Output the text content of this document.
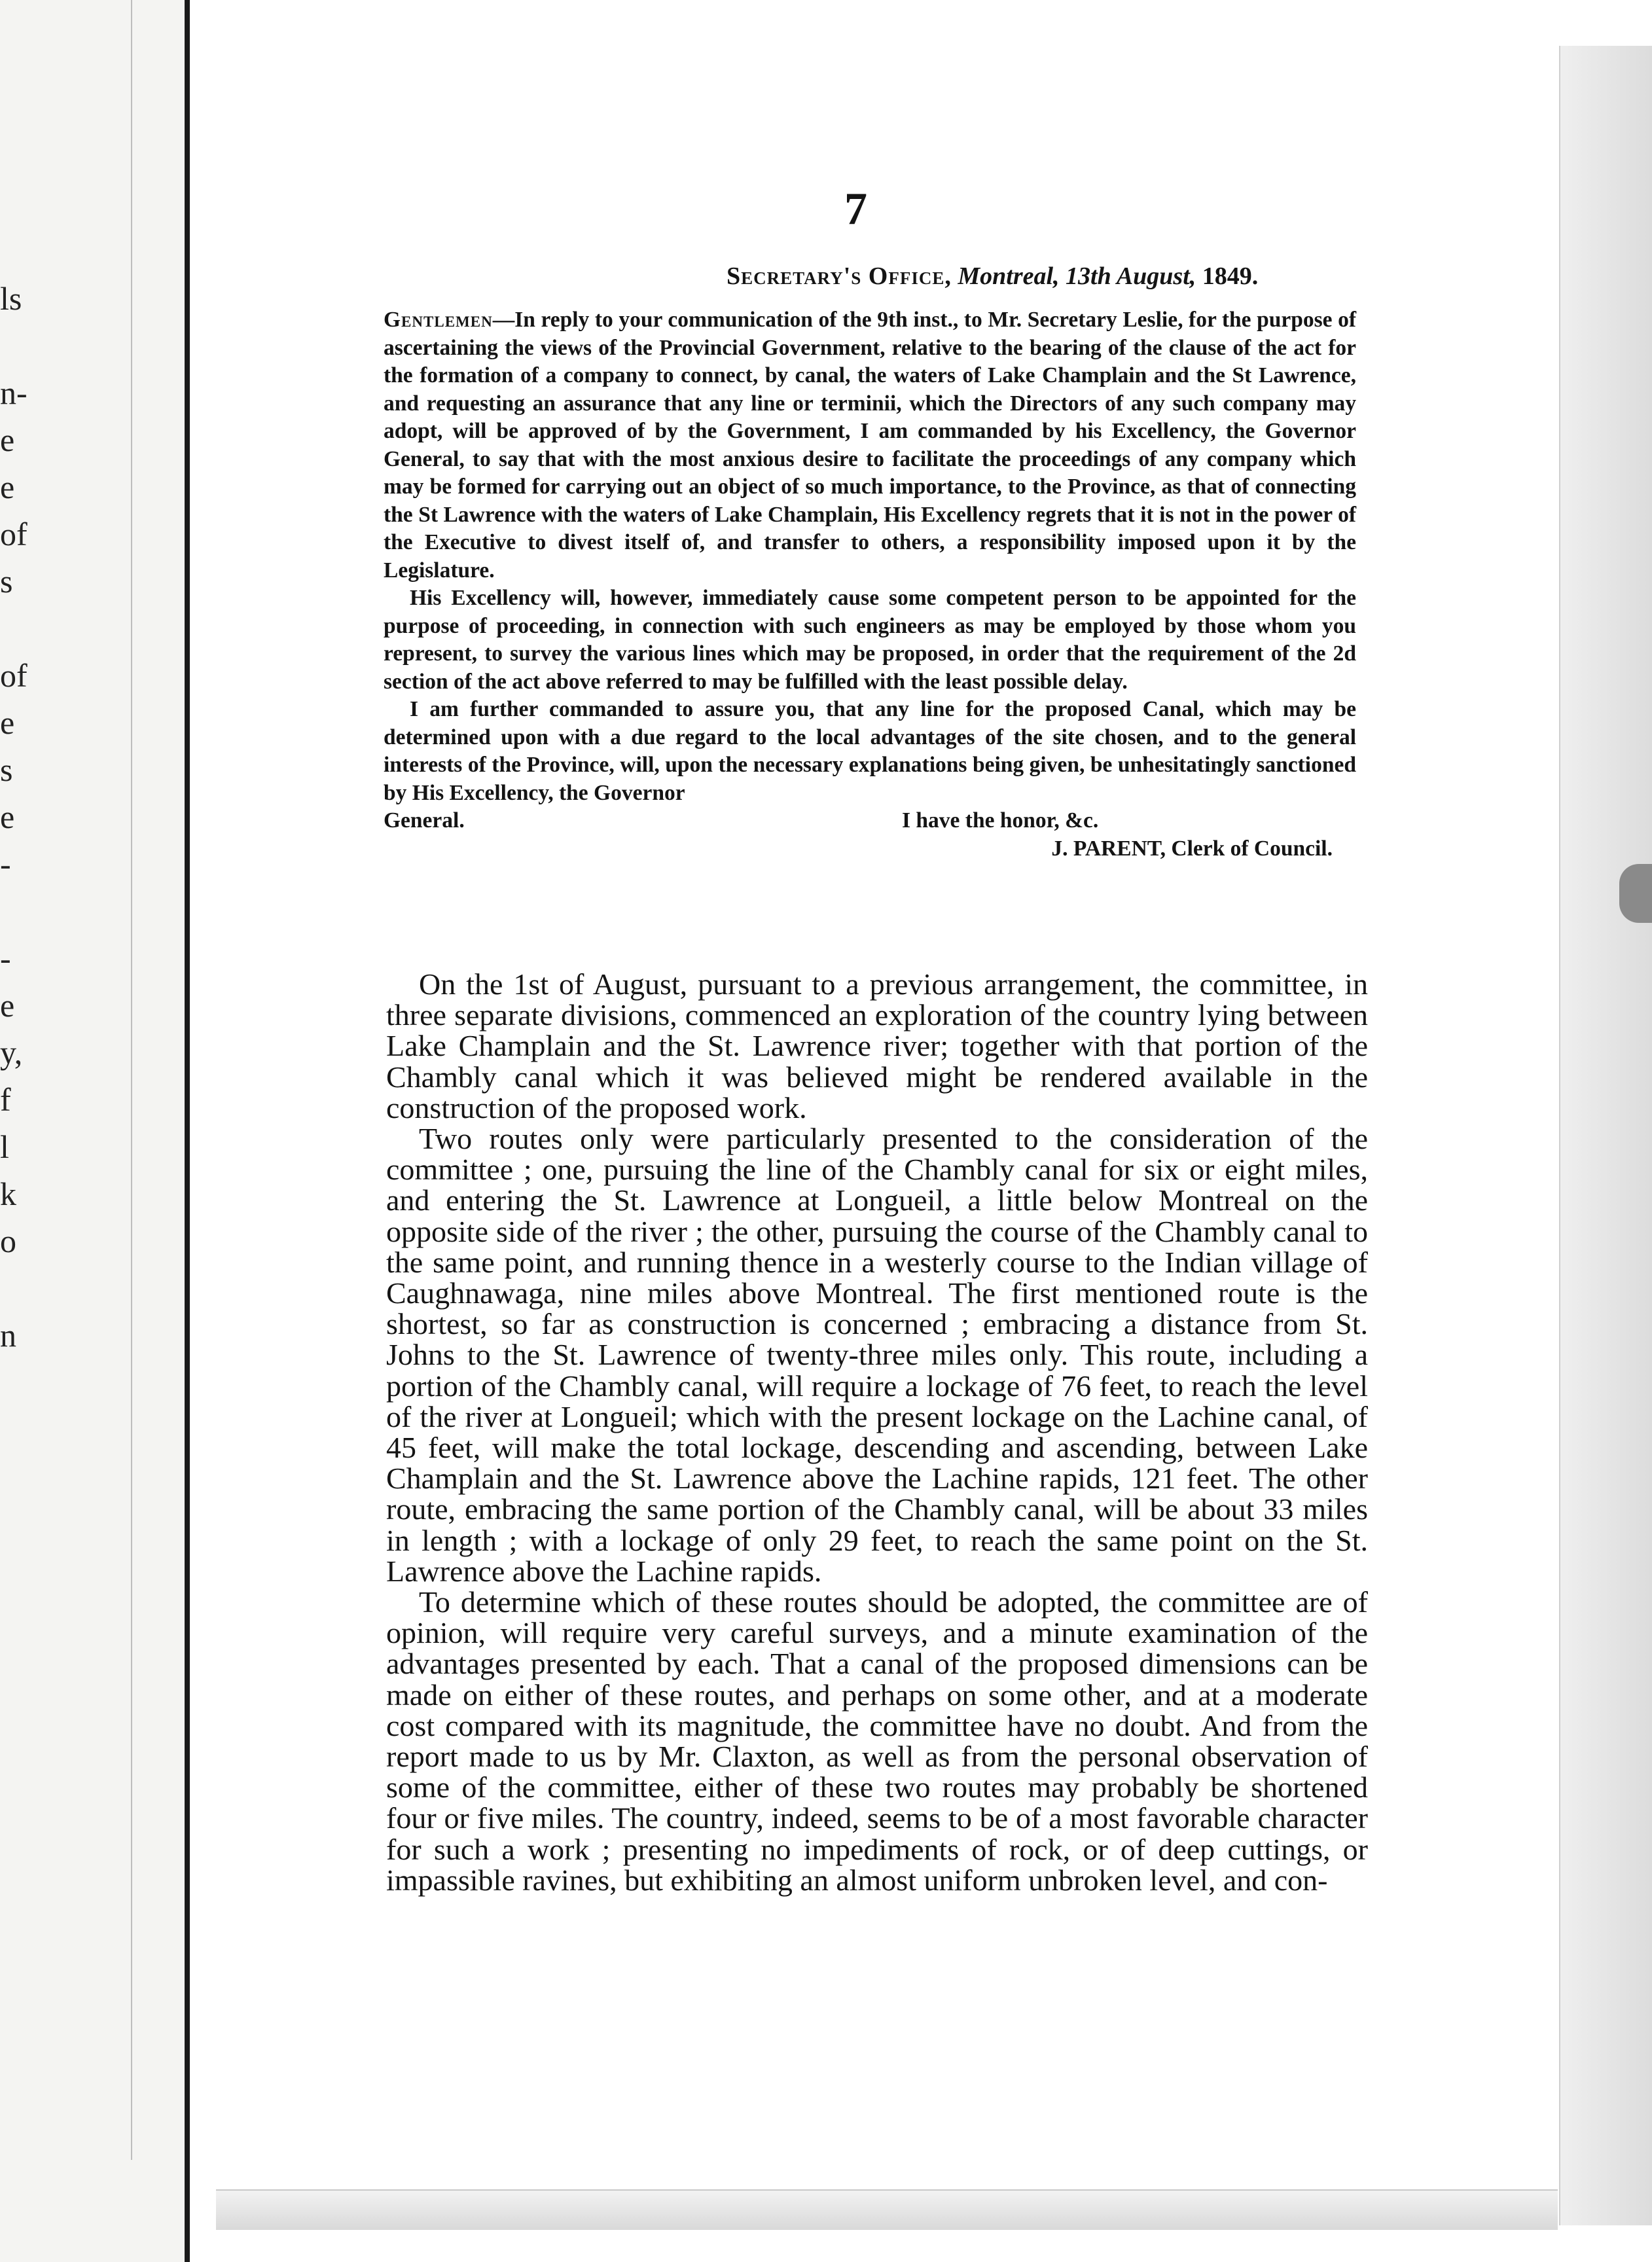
ls
n-
e
e
of
s
of
e
s
e
-
-
e
y,
f
l
k
o
n

7

Secretary's Office, Montreal, 13th August, 1849.

Gentlemen—In reply to your communication of the 9th inst., to Mr. Secretary Leslie, for the purpose of ascertaining the views of the Provincial Government, relative to the bearing of the clause of the act for the formation of a company to connect, by canal, the waters of Lake Champlain and the St Lawrence, and requesting an assurance that any line or terminii, which the Directors of any such company may adopt, will be approved of by the Government, I am commanded by his Excellency, the Governor General, to say that with the most anxious desire to facilitate the proceedings of any company which may be formed for carrying out an object of so much importance, to the Province, as that of connecting the St Lawrence with the waters of Lake Champlain, His Excellency regrets that it is not in the power of the Executive to divest itself of, and transfer to others, a responsibility imposed upon it by the Legislature.

His Excellency will, however, immediately cause some competent person to be appointed for the purpose of proceeding, in connection with such engineers as may be employed by those whom you represent, to survey the various lines which may be proposed, in order that the requirement of the 2d section of the act above referred to may be fulfilled with the least possible delay.

I am further commanded to assure you, that any line for the proposed Canal, which may be determined upon with a due regard to the local advantages of the site chosen, and to the general interests of the Province, will, upon the necessary explanations being given, be unhesitatingly sanctioned by His Excellency, the Governor

General.	I have the honor, &c.
J. PARENT, Clerk of Council.

On the 1st of August, pursuant to a previous arrangement, the committee, in three separate divisions, commenced an exploration of the country lying between Lake Champlain and the St. Lawrence river; together with that portion of the Chambly canal which it was believed might be rendered available in the construction of the proposed work.

Two routes only were particularly presented to the consideration of the committee ; one, pursuing the line of the Chambly canal for six or eight miles, and entering the St. Lawrence at Longueil, a little below Montreal on the opposite side of the river ; the other, pursuing the course of the Chambly canal to the same point, and running thence in a westerly course to the Indian village of Caughnawaga, nine miles above Montreal. The first mentioned route is the shortest, so far as construction is concerned ; embracing a distance from St. Johns to the St. Lawrence of twenty-three miles only. This route, including a portion of the Chambly canal, will require a lockage of 76 feet, to reach the level of the river at Longueil; which with the present lockage on the Lachine canal, of 45 feet, will make the total lockage, descending and ascending, between Lake Champlain and the St. Lawrence above the Lachine rapids, 121 feet. The other route, embracing the same portion of the Chambly canal, will be about 33 miles in length ; with a lockage of only 29 feet, to reach the same point on the St. Lawrence above the Lachine rapids.

To determine which of these routes should be adopted, the committee are of opinion, will require very careful surveys, and a minute examination of the advantages presented by each. That a canal of the proposed dimensions can be made on either of these routes, and perhaps on some other, and at a moderate cost compared with its magnitude, the committee have no doubt. And from the report made to us by Mr. Claxton, as well as from the personal observation of some of the committee, either of these two routes may probably be shortened four or five miles. The country, indeed, seems to be of a most favorable character for such a work ; presenting no impediments of rock, or of deep cuttings, or impassible ravines, but exhibiting an almost uniform unbroken level, and con-
